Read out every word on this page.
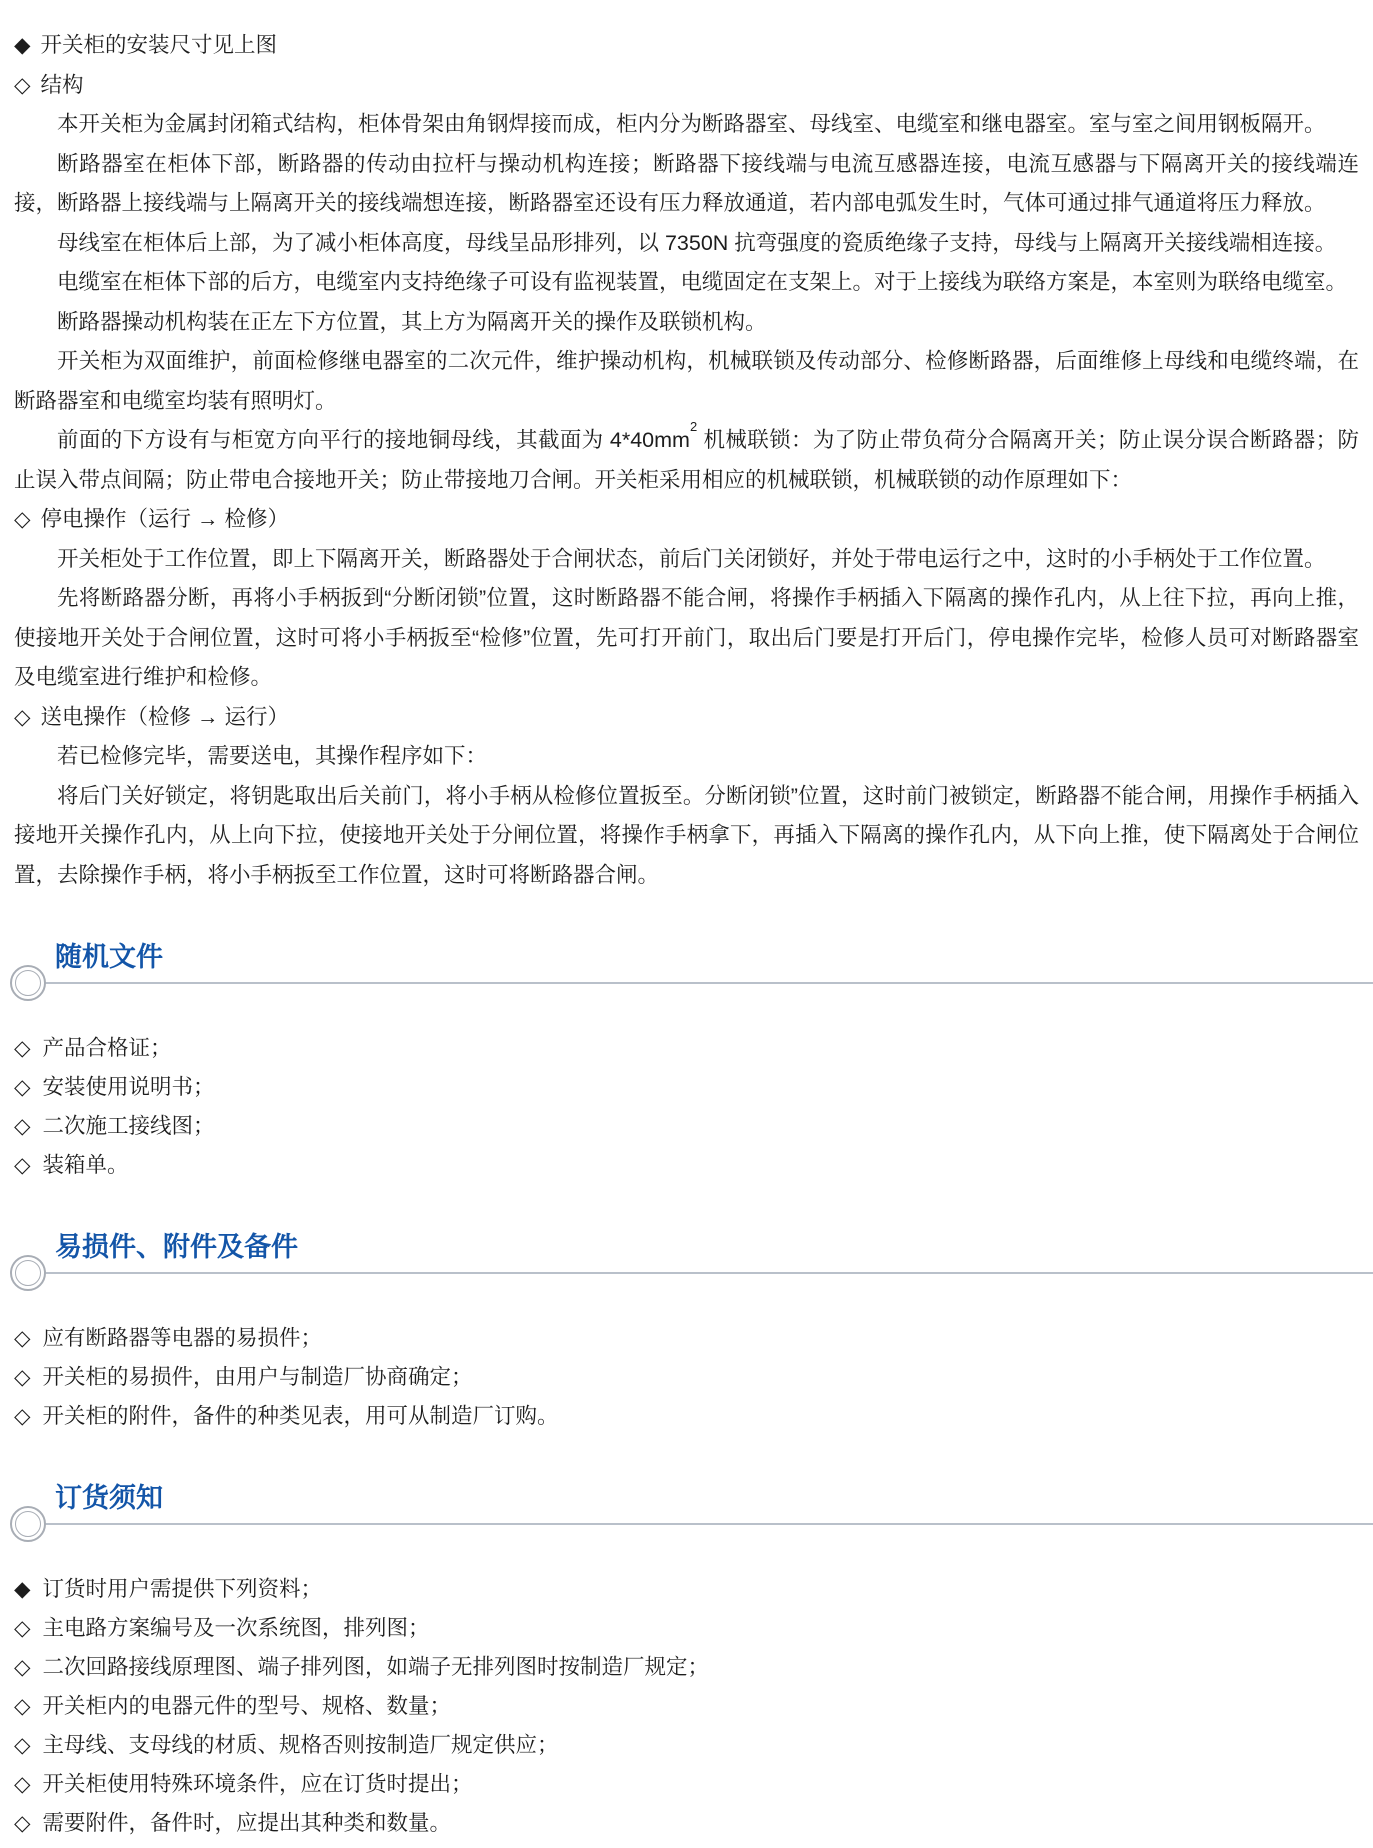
◆ 开关柜的安装尺寸见上图

◇ 结构

本开关柜为金属封闭箱式结构，柜体骨架由角钢焊接而成，柜内分为断路器室、母线室、电缆室和继电器室。室与室之间用钢板隔开。

断路器室在柜体下部，断路器的传动由拉杆与操动机构连接；断路器下接线端与电流互感器连接，电流互感器与下隔离开关的接线端连接，断路器上接线端与上隔离开关的接线端想连接，断路器室还设有压力释放通道，若内部电弧发生时，气体可通过排气通道将压力释放。

母线室在柜体后上部，为了减小柜体高度，母线呈品形排列，以 7350N 抗弯强度的瓷质绝缘子支持，母线与上隔离开关接线端相连接。

电缆室在柜体下部的后方，电缆室内支持绝缘子可设有监视装置，电缆固定在支架上。对于上接线为联络方案是，本室则为联络电缆室。

断路器操动机构装在正左下方位置，其上方为隔离开关的操作及联锁机构。

开关柜为双面维护，前面检修继电器室的二次元件，维护操动机构，机械联锁及传动部分、检修断路器，后面维修上母线和电缆终端，在断路器室和电缆室均装有照明灯。

前面的下方设有与柜宽方向平行的接地铜母线，其截面为 $4*40mm^2$ 机械联锁：为了防止带负荷分合隔离开关；防止误分误合断路器；防止误入带点间隔；防止带电合接地开关；防止带接地刀合闸。开关柜采用相应的机械联锁，机械联锁的动作原理如下：

◇ 停电操作（运行 → 检修）

开关柜处于工作位置，即上下隔离开关，断路器处于合闸状态，前后门关闭锁好，并处于带电运行之中，这时的小手柄处于工作位置。

先将断路器分断，再将小手柄扳到“分断闭锁”位置，这时断路器不能合闸，将操作手柄插入下隔离的操作孔内，从上往下拉，再向上推，使接地开关处于合闸位置，这时可将小手柄扳至“检修”位置，先可打开前门，取出后门要是打开后门，停电操作完毕，检修人员可对断路器室及电缆室进行维护和检修。

◇ 送电操作（检修 → 运行）

若已检修完毕，需要送电，其操作程序如下：

将后门关好锁定，将钥匙取出后关前门，将小手柄从检修位置扳至。分断闭锁”位置，这时前门被锁定，断路器不能合闸，用操作手柄插入接地开关操作孔内，从上向下拉，使接地开关处于分闸位置，将操作手柄拿下，再插入下隔离的操作孔内，从下向上推，使下隔离处于合闸位置，去除操作手柄，将小手柄扳至工作位置，这时可将断路器合闸。

随机文件
◇ 产品合格证；
◇ 安装使用说明书；
◇ 二次施工接线图；
◇ 装箱单。
易损件、附件及备件
◇ 应有断路器等电器的易损件；
◇ 开关柜的易损件，由用户与制造厂协商确定；
◇ 开关柜的附件，备件的种类见表，用可从制造厂订购。
订货须知
◆ 订货时用户需提供下列资料；
◇ 主电路方案编号及一次系统图，排列图；
◇ 二次回路接线原理图、端子排列图，如端子无排列图时按制造厂规定；
◇ 开关柜内的电器元件的型号、规格、数量；
◇ 主母线、支母线的材质、规格否则按制造厂规定供应；
◇ 开关柜使用特殊环境条件，应在订货时提出；
◇ 需要附件，备件时，应提出其种类和数量。
